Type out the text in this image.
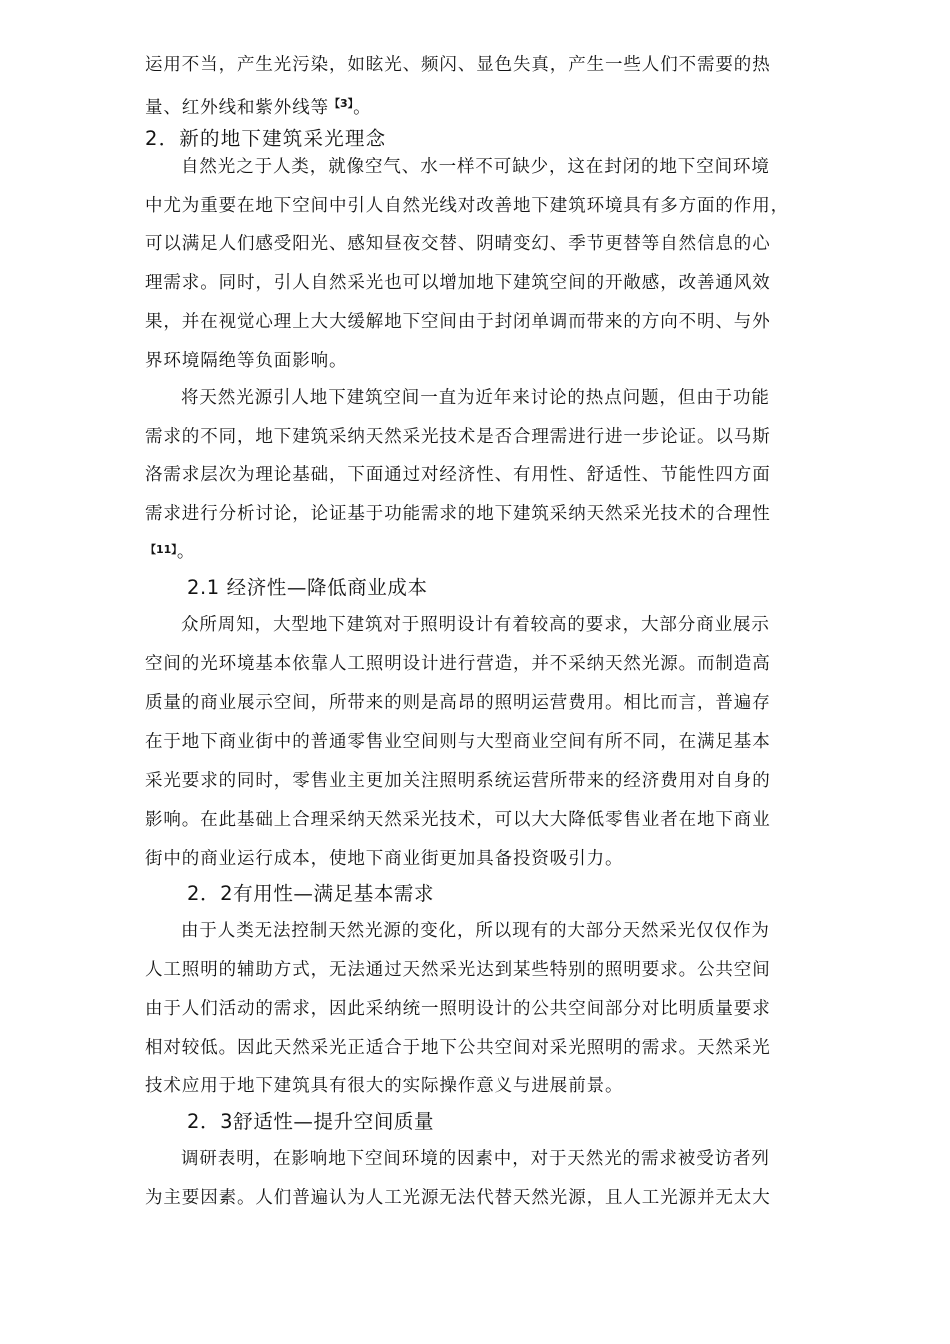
运用不当，产生光污染，如眩光、频闪、显色失真，产生一些人们不需要的热
量、红外线和紫外线等$^{【3】}$。
2．新的地下建筑采光理念
自然光之于人类，就像空气、水一样不可缺少，这在封闭的地下空间环境
中尤为重要在地下空间中引人自然光线对改善地下建筑环境具有多方面的作用，
可以满足人们感受阳光、感知昼夜交替、阴晴变幻、季节更替等自然信息的心
理需求。同时，引人自然采光也可以增加地下建筑空间的开敞感，改善通风效
果，并在视觉心理上大大缓解地下空间由于封闭单调而带来的方向不明、与外
界环境隔绝等负面影响。
将天然光源引人地下建筑空间一直为近年来讨论的热点问题，但由于功能
需求的不同，地下建筑采纳天然采光技术是否合理需进行进一步论证。以马斯
洛需求层次为理论基础，下面通过对经济性、有用性、舒适性、节能性四方面
需求进行分析讨论，论证基于功能需求的地下建筑采纳天然采光技术的合理性
$^{【11】}$。
2.1 经济性—降低商业成本
众所周知，大型地下建筑对于照明设计有着较高的要求，大部分商业展示
空间的光环境基本依靠人工照明设计进行营造，并不采纳天然光源。而制造高
质量的商业展示空间，所带来的则是高昂的照明运营费用。相比而言，普遍存
在于地下商业街中的普通零售业空间则与大型商业空间有所不同，在满足基本
采光要求的同时，零售业主更加关注照明系统运营所带来的经济费用对自身的
影响。在此基础上合理采纳天然采光技术，可以大大降低零售业者在地下商业
街中的商业运行成本，使地下商业街更加具备投资吸引力。
2．2有用性—满足基本需求
由于人类无法控制天然光源的变化，所以现有的大部分天然采光仅仅作为
人工照明的辅助方式，无法通过天然采光达到某些特别的照明要求。公共空间
由于人们活动的需求，因此采纳统一照明设计的公共空间部分对比明质量要求
相对较低。因此天然采光正适合于地下公共空间对采光照明的需求。天然采光
技术应用于地下建筑具有很大的实际操作意义与进展前景。
2．3舒适性—提升空间质量
调研表明，在影响地下空间环境的因素中，对于天然光的需求被受访者列
为主要因素。人们普遍认为人工光源无法代替天然光源，且人工光源并无太大
